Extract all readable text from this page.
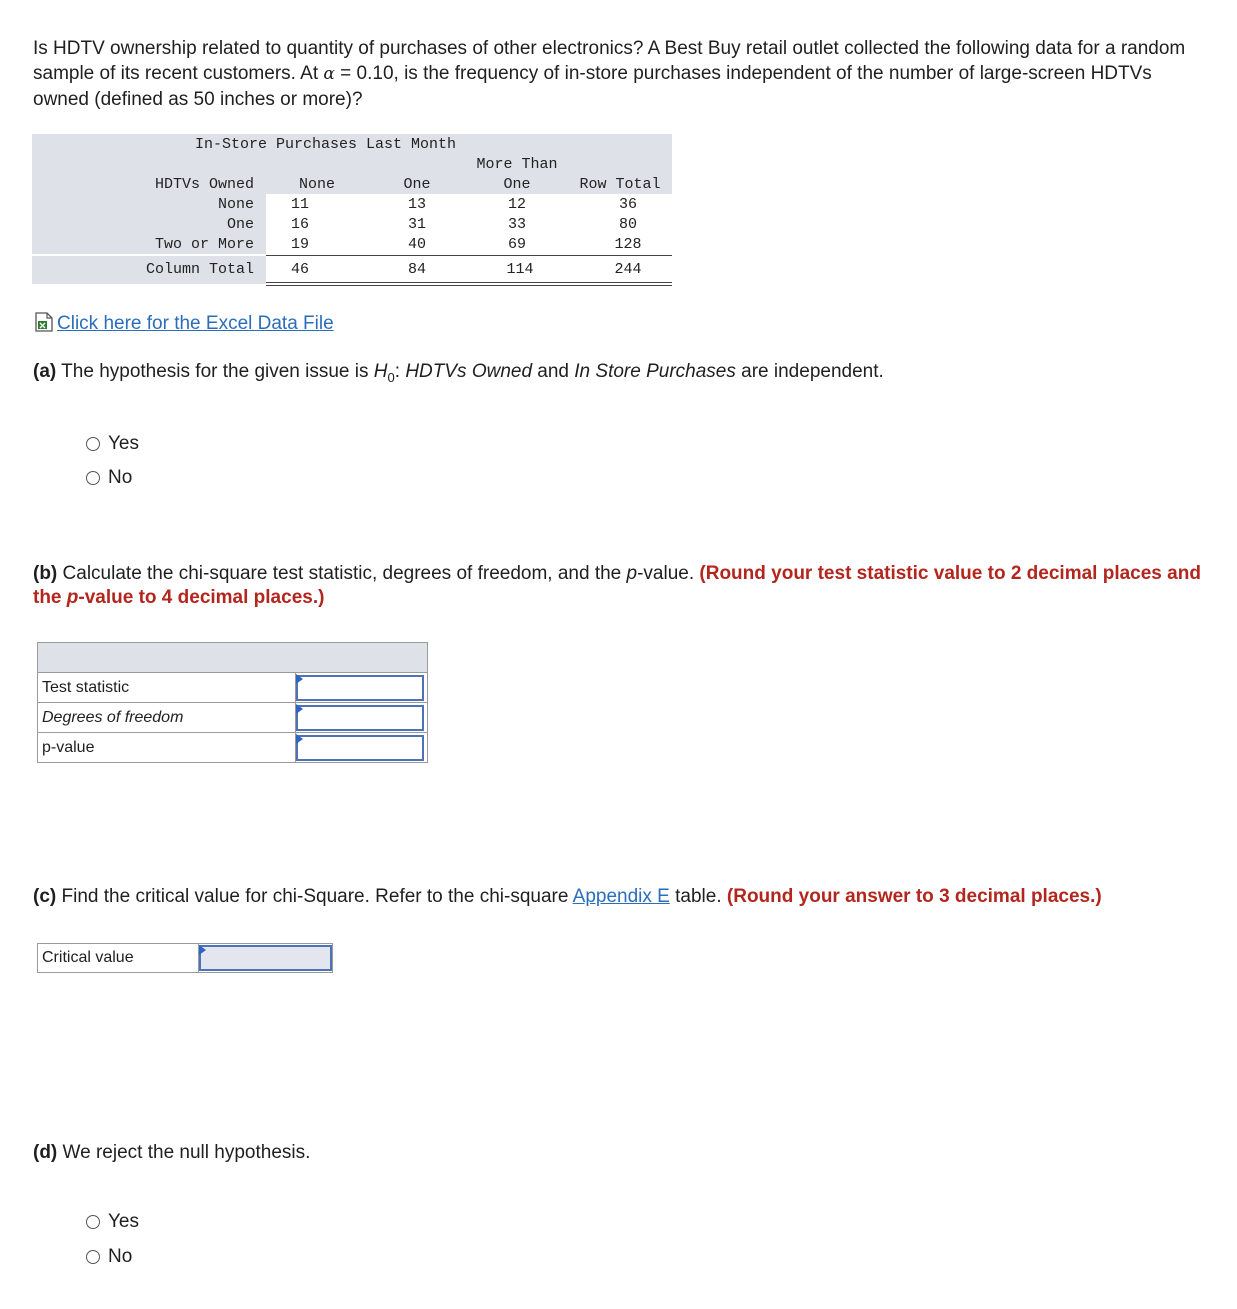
Is HDTV ownership related to quantity of purchases of other electronics? A Best Buy retail outlet collected the following data for a random sample of its recent customers. At α = 0.10, is the frequency of in-store purchases independent of the number of large-screen HDTVs owned (defined as 50 inches or more)?
In-Store Purchases Last Month
More Than
HDTVs Owned	None	One	One	Row Total
None 11	13	12	36
One 16	31	33	80
Two or More 19	40	69	128
Column Total 46	84	114	244
Click here for the Excel Data File
(a) The hypothesis for the given issue is $H_0$: HDTVs Owned and In Store Purchases are independent.
Yes
No
(b) Calculate the chi-square test statistic, degrees of freedom, and the p-value. (Round your test statistic value to 2 decimal places and the p-value to 4 decimal places.)

Test statistic	

Degrees of freedom	

p-value	
(c) Find the critical value for chi-Square. Refer to the chi-square Appendix E table. (Round your answer to 3 decimal places.)
Critical value	
(d) We reject the null hypothesis.
Yes
No
